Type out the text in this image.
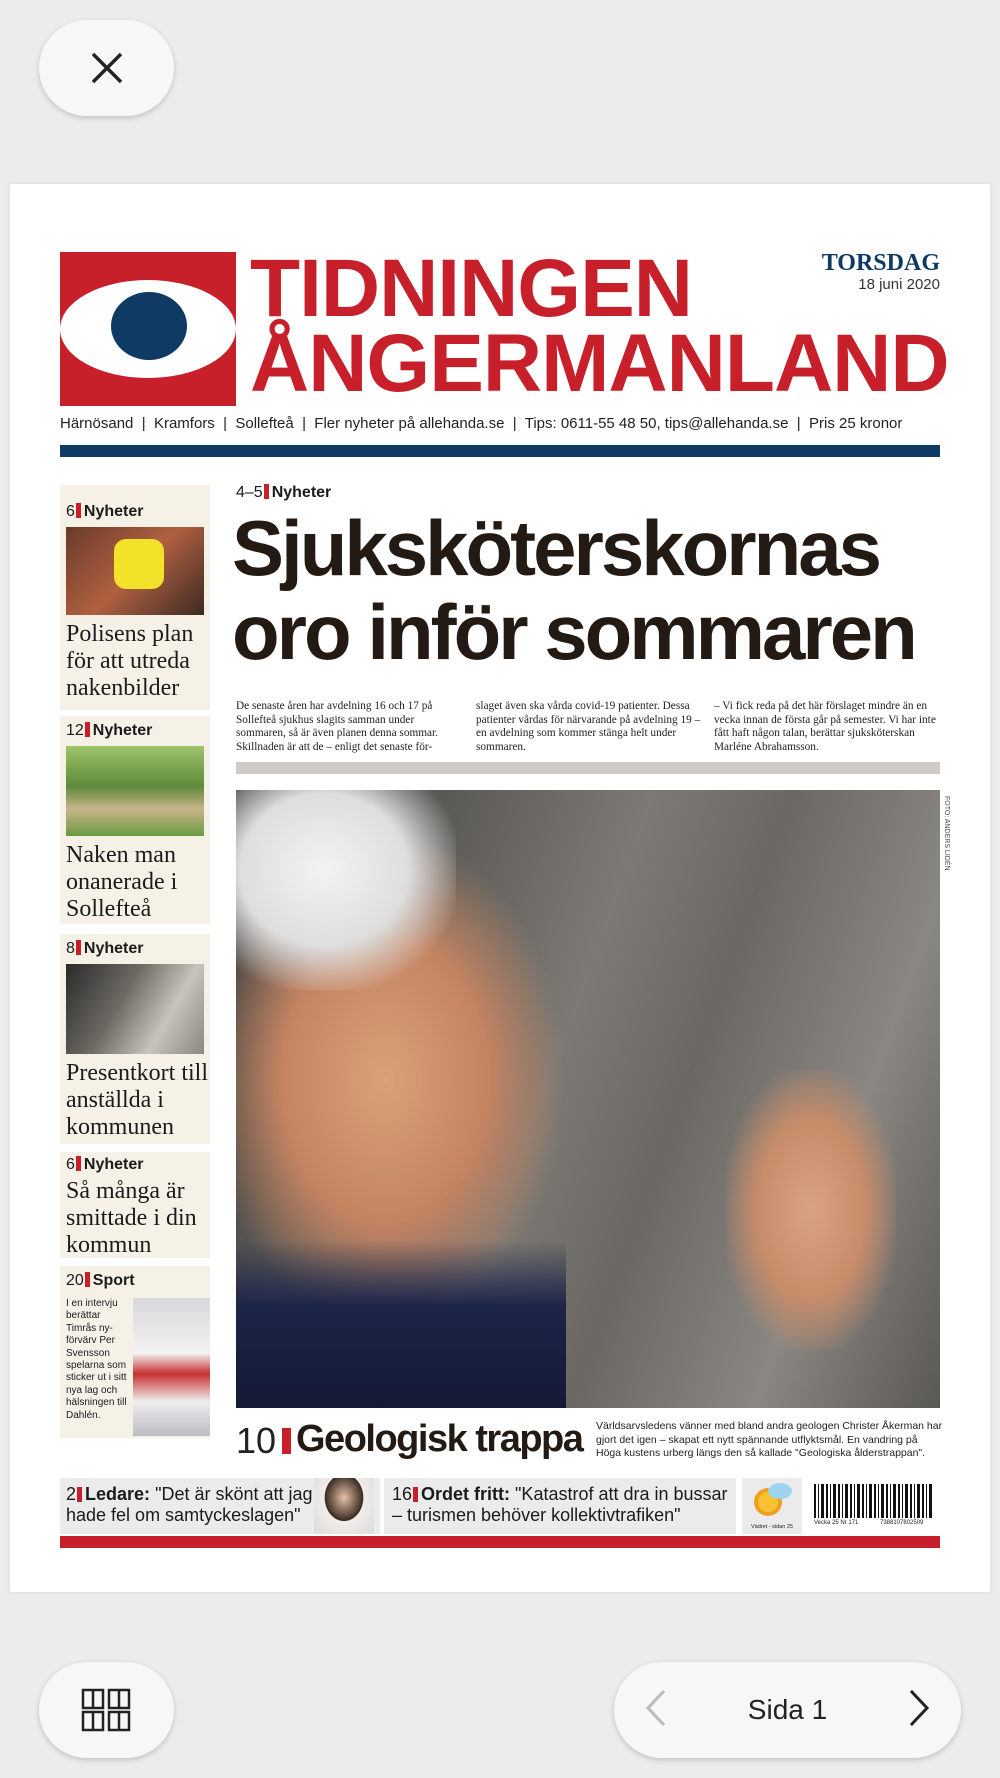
TIDNINGEN
ÅNGERMANLAND
TORSDAG
18 juni 2020
Härnösand  |  Kramfors  |  Sollefteå  |  Fler nyheter på allehanda.se  |  Tips: 0611-55 48 50, tips@allehanda.se  |  Pris 25 kronor
6 Nyheter
Polisens plan för att utreda nakenbilder
12 Nyheter
Naken man onanerade i Sollefteå
8 Nyheter
Presentkort till anställda i kommunen
6 Nyheter
Så många är smittade i din kommun
20 Sport
I en intervju berättar Timrås ny-förvärv Per Svensson spelarna som sticker ut i sitt nya lag och hälsningen till Dahlén.
4–5 Nyheter
Sjuksköterskornas oro inför sommaren
De senaste åren har avdelning 16 och 17 på Sollefteå sjukhus slagits samman under sommaren, så är även planen denna sommar. Skillnaden är att de – enligt det senaste för-
slaget även ska vårda covid-19 patienter. Dessa patienter vårdas för närvarande på avdelning 19 – en avdelning som kommer stänga helt under sommaren.
– Vi fick reda på det här förslaget mindre än en vecka innan de första går på semester. Vi har inte fått haft någon talan, berättar sjuksköterskan Marléne Abrahamsson.
FOTO: ANDERS LIDÉN
10 Geologisk trappa Världsarvsledens vänner med bland andra geologen Christer Åkerman har gjort det igen – skapat ett nytt spännande utflyktsmål. En vandring på Höga kustens urberg längs den så kallade "Geologiska ålderstrappan".
2 Ledare: "Det är skönt att jag hade fel om samtyckeslagen"
16 Ordet fritt: "Katastrof att dra in bussar – turismen behöver kollektivtrafiken"
Vädret - sidan 25
Vecka 25 Nr 171	7388107802509
Sida 1
